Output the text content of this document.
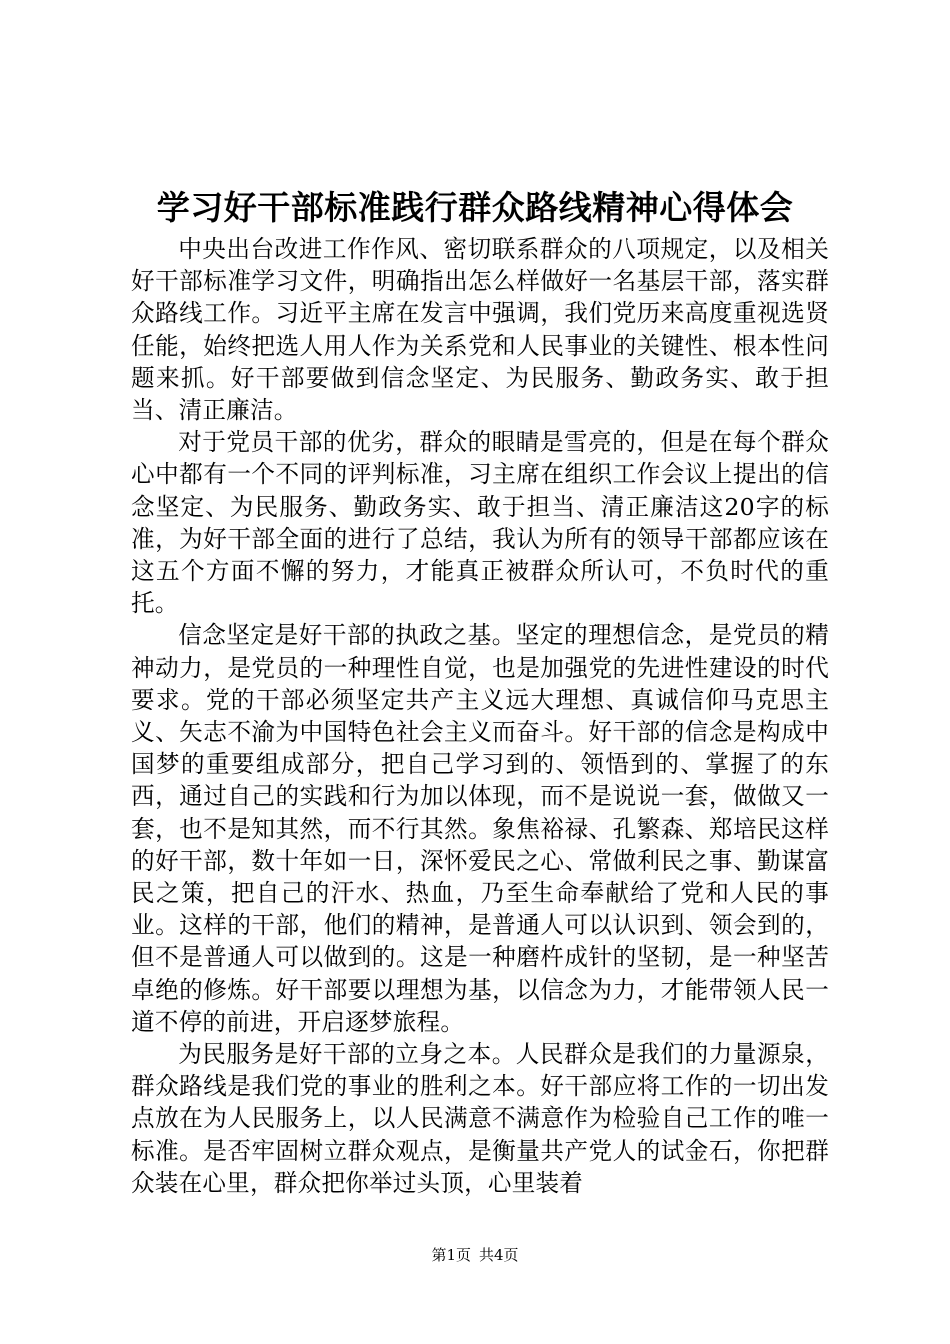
学习好干部标准践行群众路线精神心得体会

中央出台改进工作作风、密切联系群众的八项规定，以及相关好干部标准学习文件，明确指出怎么样做好一名基层干部，落实群众路线工作。习近平主席在发言中强调，我们党历来高度重视选贤任能，始终把选人用人作为关系党和人民事业的关键性、根本性问题来抓。好干部要做到信念坚定、为民服务、勤政务实、敢于担当、清正廉洁。

对于党员干部的优劣，群众的眼睛是雪亮的，但是在每个群众心中都有一个不同的评判标准，习主席在组织工作会议上提出的信念坚定、为民服务、勤政务实、敢于担当、清正廉洁这20字的标准，为好干部全面的进行了总结，我认为所有的领导干部都应该在这五个方面不懈的努力，才能真正被群众所认可，不负时代的重托。

信念坚定是好干部的执政之基。坚定的理想信念，是党员的精神动力，是党员的一种理性自觉，也是加强党的先进性建设的时代要求。党的干部必须坚定共产主义远大理想、真诚信仰马克思主义、矢志不渝为中国特色社会主义而奋斗。好干部的信念是构成中国梦的重要组成部分，把自己学习到的、领悟到的、掌握了的东西，通过自己的实践和行为加以体现，而不是说说一套，做做又一套，也不是知其然，而不行其然。象焦裕禄、孔繁森、郑培民这样的好干部，数十年如一日，深怀爱民之心、常做利民之事、勤谋富民之策，把自己的汗水、热血，乃至生命奉献给了党和人民的事业。这样的干部，他们的精神，是普通人可以认识到、领会到的，但不是普通人可以做到的。这是一种磨杵成针的坚韧，是一种坚苦卓绝的修炼。好干部要以理想为基，以信念为力，才能带领人民一道不停的前进，开启逐梦旅程。

为民服务是好干部的立身之本。人民群众是我们的力量源泉，群众路线是我们党的事业的胜利之本。好干部应将工作的一切出发点放在为人民服务上，以人民满意不满意作为检验自己工作的唯一标准。是否牢固树立群众观点，是衡量共产党人的试金石，你把群众装在心里，群众把你举过头顶，心里装着

第1页 共4页
